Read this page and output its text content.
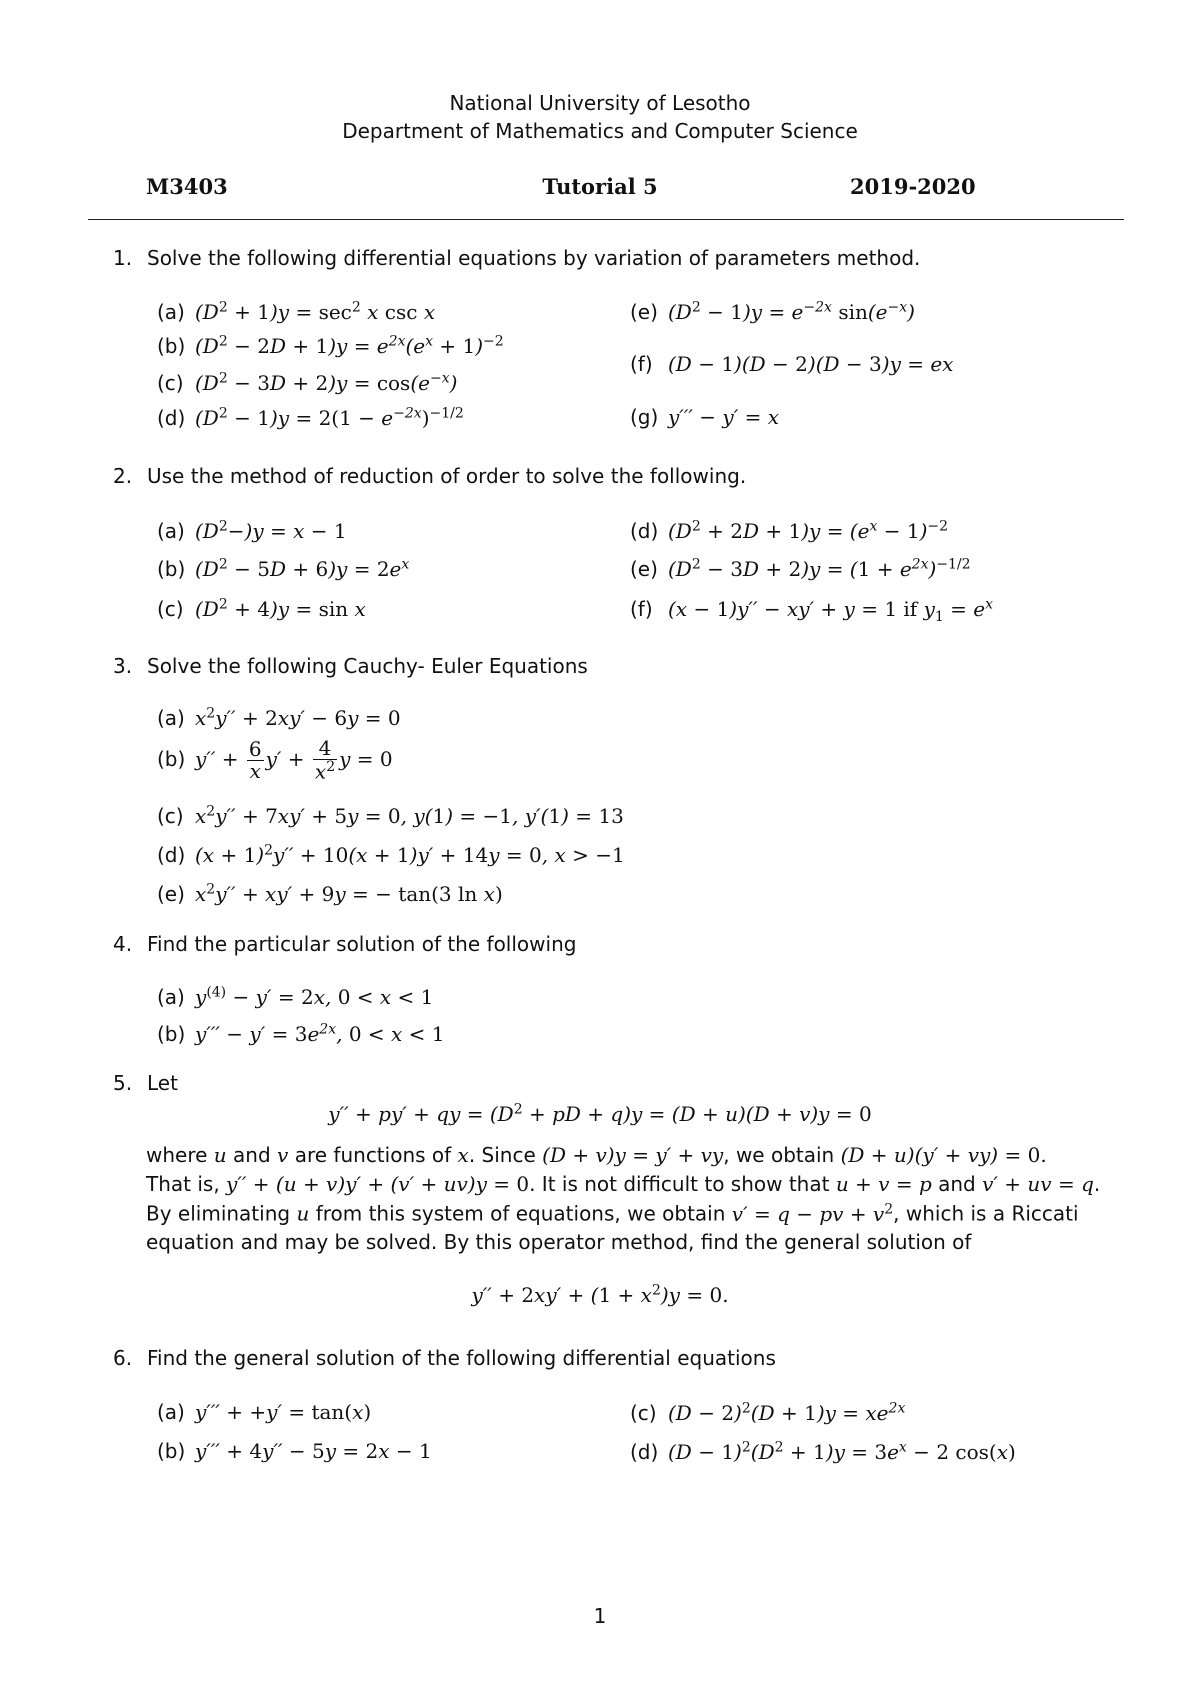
National University of Lesotho
Department of Mathematics and Computer Science
M3403	Tutorial 5	2019-2020
1. Solve the following differential equations by variation of parameters method.
(a) $(D^2 + 1)y = \sec^2 x$ csc x
(b) $(D^2 - 2D + 1)y = e^{2x}(e^x + 1)^{-2}$
(c) $(D^2 - 3D + 2)y = \cos(e^{-x})$
(d) $(D^2 - 1)y = 2(1 - e^{-2x})^{-1/2}$
(e) $(D^2 - 1)y = e^{-2x}$ $\sin(e^{-x})$
(f) (D − 1)(D − 2)(D − 3)y = ex
(g) y′′′ − y′ = x
2. Use the method of reduction of order to solve the following.
(a) $(D^2-)y = x - 1$
(b) $(D^2 - 5D + 6)y = 2e^x$
(c) $(D^2 + 4)y = \sin x$
(d) $(D^2 + 2D + 1)y = (e^x - 1)^{-2}$
(e) $(D^2 - 3D + 2)y = (1 + e^{2x})^{-1/2}$
(f) (x − 1)y′′ − xy′ + y = 1 if $y_1 = e^x$
3. Solve the following Cauchy- Euler Equations
(a) $x^2y'' + 2xy' - 6y = 0$
(b) $y'' + \frac{6}{x} y' + \frac{4}{x^2}$ y = 0
(c) $x^2y'' + 7xy' + 5y = 0$, y(1) = −1, y′(1) = 13
(d) $(x + 1)^2y'' + 10(x + 1)y' + 14y = 0$, x > −1
(e) $x^2y'' + xy' + 9y$ = − tan(3 ln x)
4. Find the particular solution of the following
(a) $y^{(4)} - y' = 2x$, 0 < x < 1
(b) $y''' - y' = 3e^{2x}$, 0 < x < 1
5. Let
y′′ + py′ + qy = ($D^2$ + pD + q)y = (D + u)(D + v)y = 0
where u and v are functions of x. Since (D + v)y = y′ + vy, we obtain (D + u)(y′ + vy) = 0.
That is, y′′ + (u + v)y′ + (v′ + uv)y = 0. It is not difficult to show that u + v = p and v′ + uv = q.
By eliminating u from this system of equations, we obtain v′ = q − pv + $v^2$, which is a Riccati
equation and may be solved. By this operator method, find the general solution of
$y'' + 2xy' + (1 + x^2)y = 0$.
6. Find the general solution of the following differential equations
(a) y′′′ + +y′ = tan(x)
(b) y′′′ + 4y′′ − 5y = 2x − 1
(c) $(D - 2)^2(D + 1)y = xe^{2x}$
(d) $(D - 1)^2(D^2 + 1)y = 3e^x - 2$ cos(x)
1
